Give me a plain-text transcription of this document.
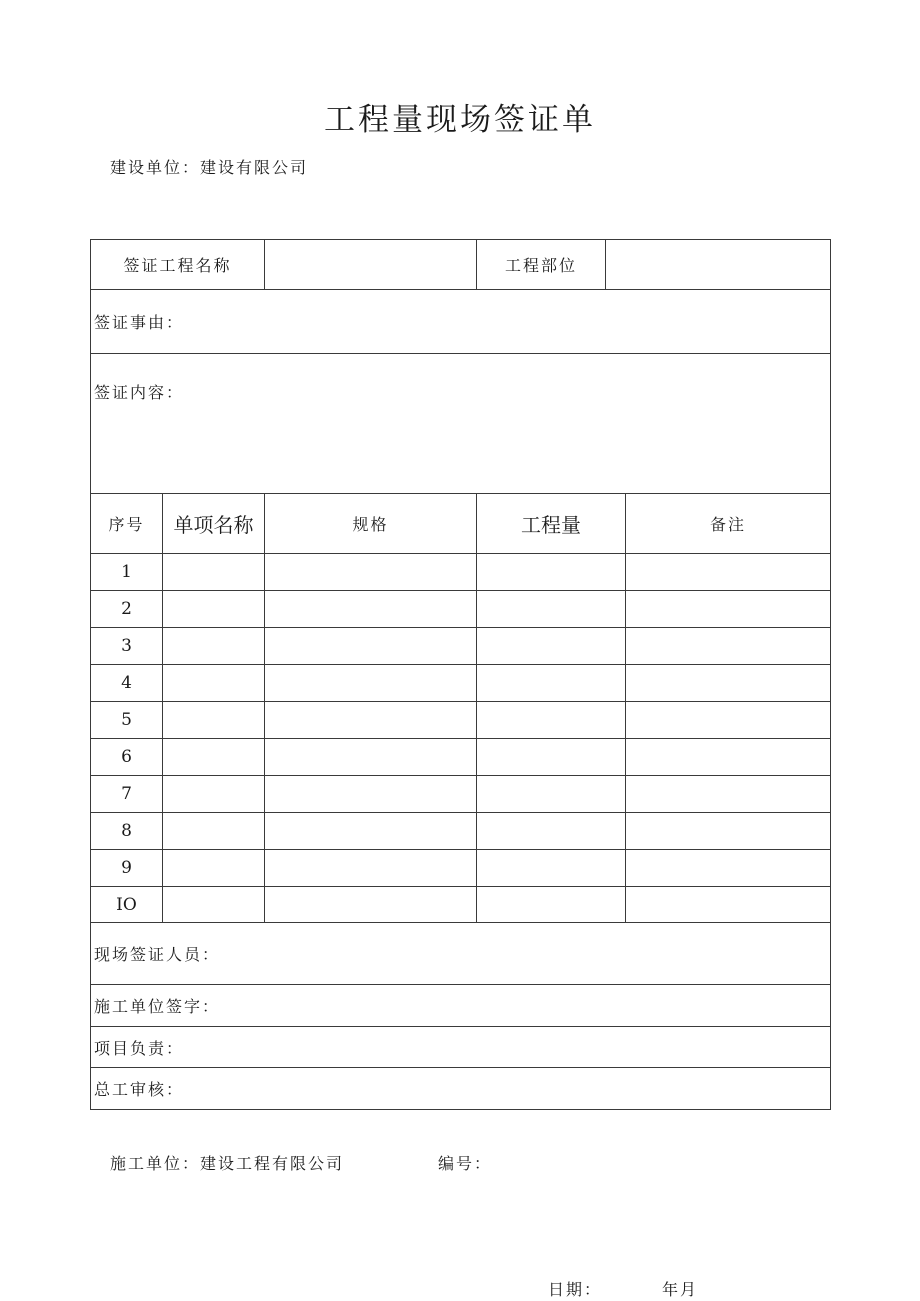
工程量现场签证单
建设单位：建设有限公司
签证工程名称			工程部位		
签证事由：					
签证内容：					
序号	单项名称	规格	工程量		备注
1					
2					
3					
4					
5					
6					
7					
8					
9					
IO					
现场签证人员：					
施工单位签字：					
项目负责：					
总工审核：					
施工单位：建设工程有限公司	编号：
日期：	年月
